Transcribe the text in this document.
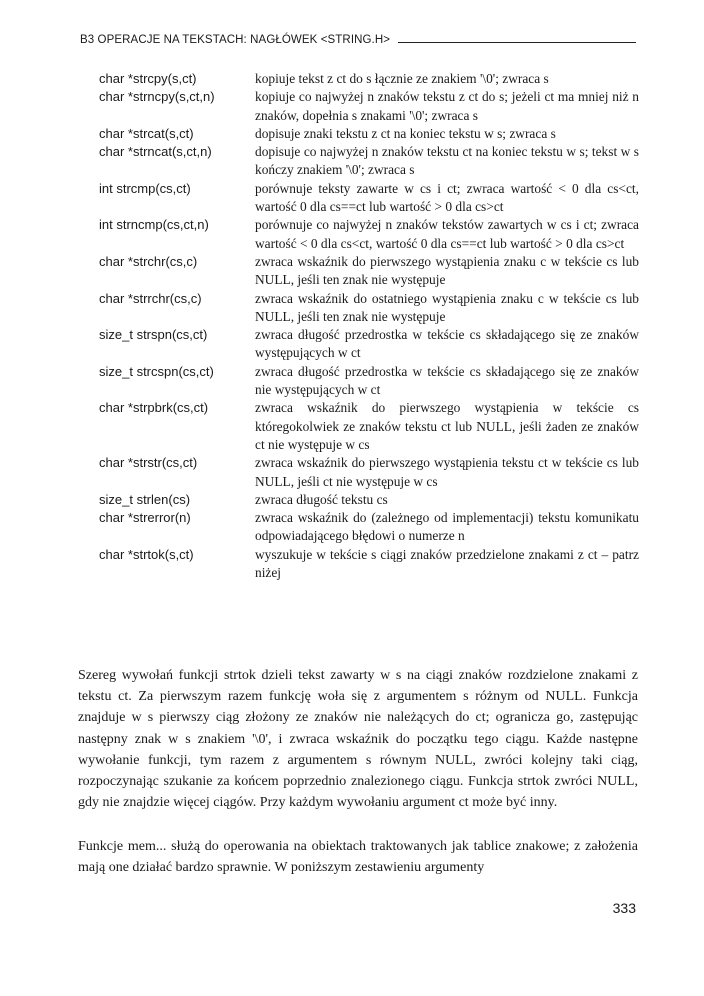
B3 OPERACJE NA TEKSTACH: NAGŁÓWEK <STRING.H>
char *strcpy(s,ct)	kopiuje tekst z ct do s łącznie ze znakiem '\0'; zwraca s
char *strncpy(s,ct,n)	kopiuje co najwyżej n znaków tekstu z ct do s; jeżeli ct ma mniej niż n znaków, dopełnia s znakami '\0'; zwraca s
char *strcat(s,ct)	dopisuje znaki tekstu z ct na koniec tekstu w s; zwraca s
char *strncat(s,ct,n)	dopisuje co najwyżej n znaków tekstu ct na koniec tekstu w s; tekst w s kończy znakiem '\0'; zwraca s
int strcmp(cs,ct)	porównuje teksty zawarte w cs i ct; zwraca wartość < 0 dla cs<ct, wartość 0 dla cs==ct lub wartość > 0 dla cs>ct
int strncmp(cs,ct,n)	porównuje co najwyżej n znaków tekstów zawartych w cs i ct; zwraca wartość < 0 dla cs<ct, wartość 0 dla cs==ct lub wartość > 0 dla cs>ct
char *strchr(cs,c)	zwraca wskaźnik do pierwszego wystąpienia znaku c w tekście cs lub NULL, jeśli ten znak nie występuje
char *strrchr(cs,c)	zwraca wskaźnik do ostatniego wystąpienia znaku c w tekście cs lub NULL, jeśli ten znak nie występuje
size_t strspn(cs,ct)	zwraca długość przedrostka w tekście cs składającego się ze znaków występujących w ct
size_t strcspn(cs,ct)	zwraca długość przedrostka w tekście cs składającego się ze znaków nie występujących w ct
char *strpbrk(cs,ct)	zwraca wskaźnik do pierwszego wystąpienia w tekście cs któregokolwiek ze znaków tekstu ct lub NULL, jeśli żaden ze znaków ct nie występuje w cs
char *strstr(cs,ct)	zwraca wskaźnik do pierwszego wystąpienia tekstu ct w tekście cs lub NULL, jeśli ct nie występuje w cs
size_t strlen(cs)	zwraca długość tekstu cs
char *strerror(n)	zwraca wskaźnik do (zależnego od implementacji) tekstu komunikatu odpowiadającego błędowi o numerze n
char *strtok(s,ct)	wyszukuje w tekście s ciągi znaków przedzielone znakami z ct – patrz niżej

Szereg wywołań funkcji strtok dzieli tekst zawarty w s na ciągi znaków rozdzielone znakami z tekstu ct. Za pierwszym razem funkcję woła się z argumentem s różnym od NULL. Funkcja znajduje w s pierwszy ciąg złożony ze znaków nie należących do ct; ogranicza go, zastępując następny znak w s znakiem '\0', i zwraca wskaźnik do początku tego ciągu. Każde następne wywołanie funkcji, tym razem z argumentem s równym NULL, zwróci kolejny taki ciąg, rozpoczynając szukanie za końcem poprzednio znalezionego ciągu. Funkcja strtok zwróci NULL, gdy nie znajdzie więcej ciągów. Przy każdym wywołaniu argument ct może być inny.

Funkcje mem... służą do operowania na obiektach traktowanych jak tablice znakowe; z założenia mają one działać bardzo sprawnie. W poniższym zestawieniu argumenty

333
